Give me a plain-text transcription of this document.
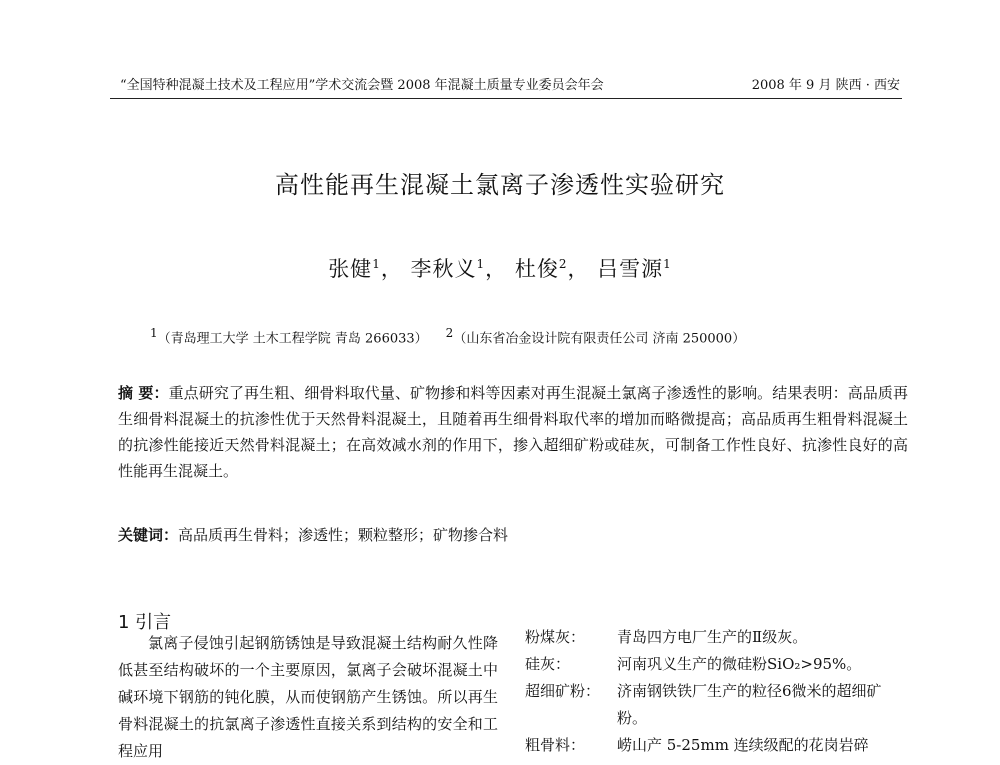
“全国特种混凝土技术及工程应用”学术交流会暨 2008 年混凝土质量专业委员会年会	2008 年 9 月 陕西 · 西安
高性能再生混凝土氯离子渗透性实验研究
张健$^1$， 李秋义$^1$， 杜俊$^2$， 吕雪源$^1$
$^1$（青岛理工大学 土木工程学院 青岛 266033） $^2$（山东省冶金设计院有限责任公司 济南 250000）
摘 要：重点研究了再生粗、细骨料取代量、矿物掺和料等因素对再生混凝土氯离子渗透性的影响。结果表明：高品质再生细骨料混凝土的抗渗性优于天然骨料混凝土，且随着再生细骨料取代率的增加而略微提高；高品质再生粗骨料混凝土的抗渗性能接近天然骨料混凝土；在高效减水剂的作用下，掺入超细矿粉或硅灰，可制备工作性良好、抗渗性良好的高性能再生混凝土。
关键词：高品质再生骨料；渗透性；颗粒整形；矿物掺合料
1 引言
氯离子侵蚀引起钢筋锈蚀是导致混凝土结构耐久性降低甚至结构破坏的一个主要原因，氯离子会破坏混凝土中碱环境下钢筋的钝化膜，从而使钢筋产生锈蚀。所以再生骨料混凝土的抗氯离子渗透性直接关系到结构的安全和工程应用
粉煤灰：	青岛四方电厂生产的Ⅱ级灰。
硅灰：	河南巩义生产的微硅粉SiO₂>95%。
超细矿粉：	济南钢铁铁厂生产的粒径6微米的超细矿粉。
粗骨料：	崂山产 5-25mm 连续级配的花岗岩碎
